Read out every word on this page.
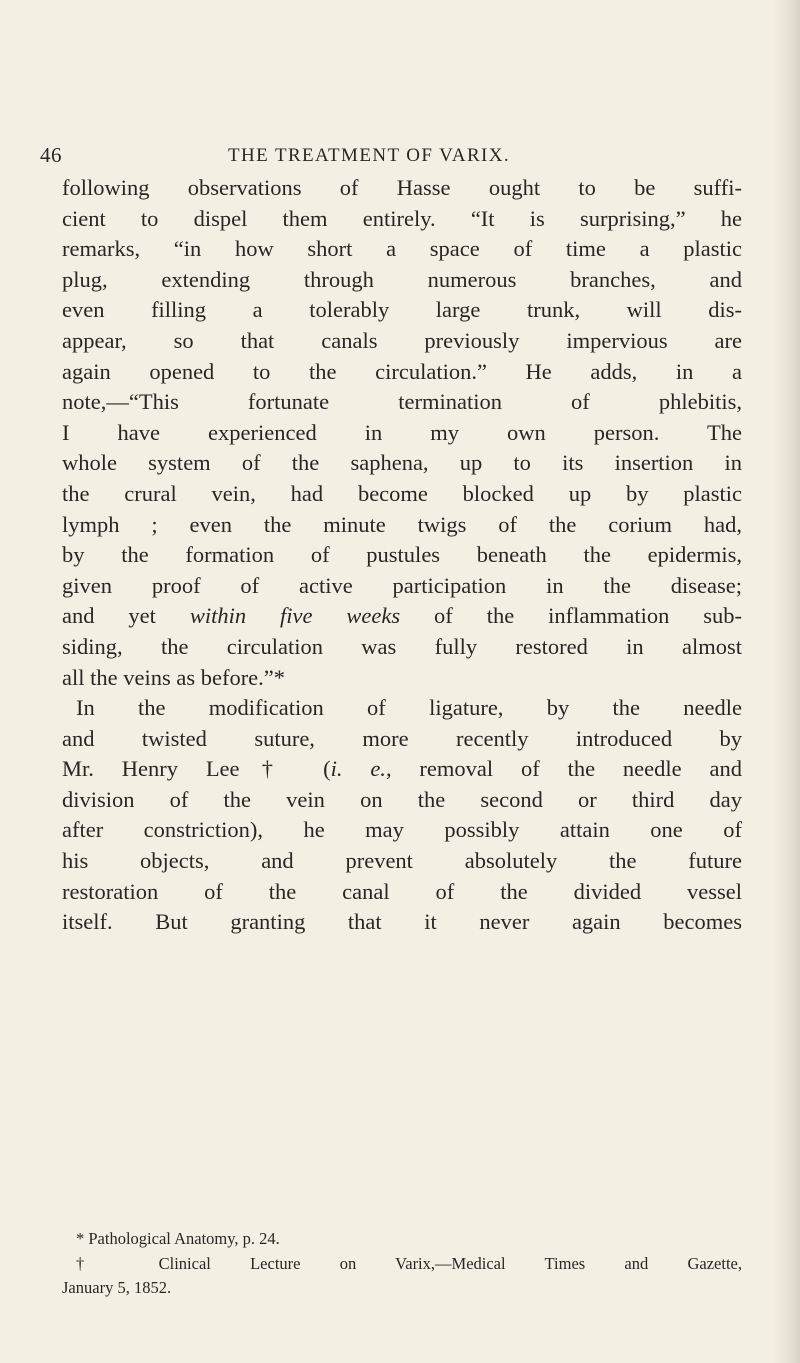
46	THE TREATMENT OF VARIX.
following observations of Hasse ought to be suffi-
cient to dispel them entirely. “It is surprising,” he
remarks, “in how short a space of time a plastic
plug, extending through numerous branches, and
even filling a tolerably large trunk, will dis-
appear, so that canals previously impervious are
again opened to the circulation.” He adds, in a
note,—“This fortunate termination of phlebitis,
I have experienced in my own person. The
whole system of the saphena, up to its insertion in
the crural vein, had become blocked up by plastic
lymph ; even the minute twigs of the corium had,
by the formation of pustules beneath the epidermis,
given proof of active participation in the disease;
and yet within five weeks of the inflammation sub-
siding, the circulation was fully restored in almost
all the veins as before.”*
In the modification of ligature, by the needle
and twisted suture, more recently introduced by
Mr. Henry Lee† (i. e., removal of the needle and
division of the vein on the second or third day
after constriction), he may possibly attain one of
his objects, and prevent absolutely the future
restoration of the canal of the divided vessel
itself. But granting that it never again becomes
* Pathological Anatomy, p. 24.
† Clinical Lecture on Varix,—Medical Times and Gazette,
January 5, 1852.
